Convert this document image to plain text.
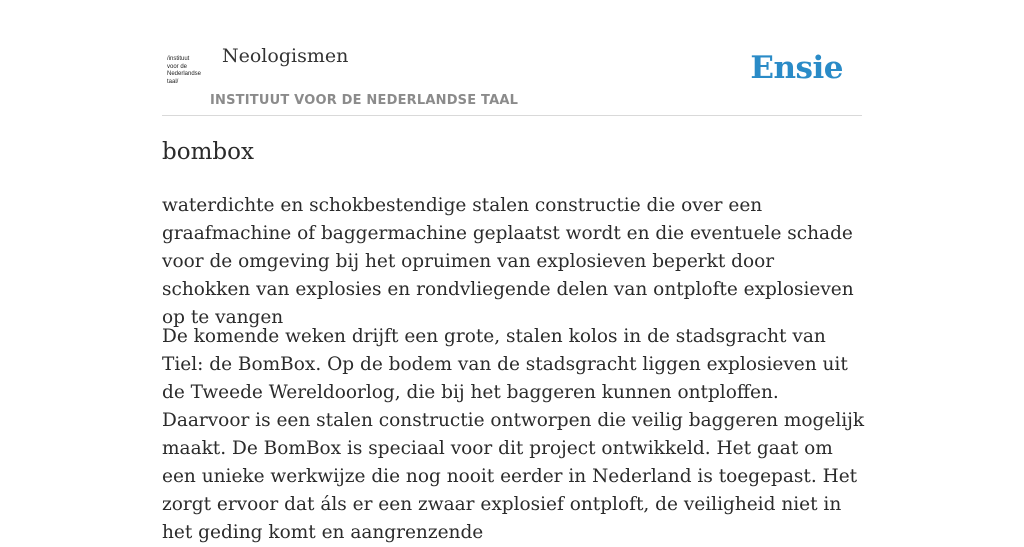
/instituut
voor de
Nederlandse
taal/
Neologismen
INSTITUUT VOOR DE NEDERLANDSE TAAL
Ensie
bombox

waterdichte en schokbestendige stalen constructie die over een graafmachine of baggermachine geplaatst wordt en die eventuele schade voor de omgeving bij het opruimen van explosieven beperkt door schokken van explosies en rondvliegende delen van ontplofte explosieven op te vangen

De komende weken drijft een grote, stalen kolos in de stadsgracht van Tiel: de BomBox. Op de bodem van de stadsgracht liggen explosieven uit de Tweede Wereldoorlog, die bij het baggeren kunnen ontploffen. Daarvoor is een stalen constructie ontworpen die veilig baggeren mogelijk maakt. De BomBox is speciaal voor dit project ontwikkeld. Het gaat om een unieke werkwijze die nog nooit eerder in Nederland is toegepast. Het zorgt ervoor dat áls er een zwaar explosief ontploft, de veiligheid niet in het geding komt en aangrenzende
